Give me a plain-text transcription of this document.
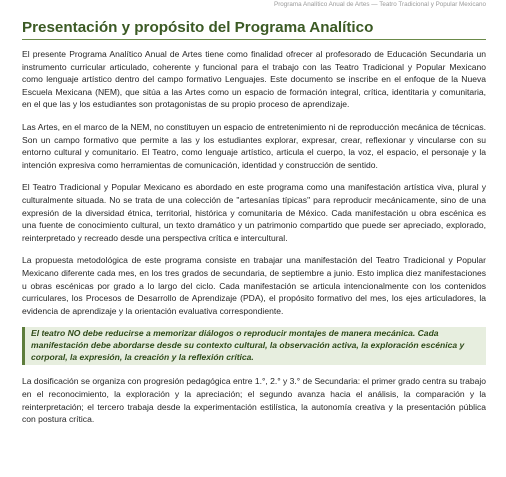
Programa Analítico Anual de Artes — Teatro Tradicional y Popular Mexicano
Presentación y propósito del Programa Analítico

El presente Programa Analítico Anual de Artes tiene como finalidad ofrecer al profesorado de Educación Secundaria un instrumento curricular articulado, coherente y funcional para el trabajo con las Teatro Tradicional y Popular Mexicano como lenguaje artístico dentro del campo formativo Lenguajes. Este documento se inscribe en el enfoque de la Nueva Escuela Mexicana (NEM), que sitúa a las Artes como un espacio de formación integral, crítica, identitaria y comunitaria, en el que las y los estudiantes son protagonistas de su propio proceso de aprendizaje.

Las Artes, en el marco de la NEM, no constituyen un espacio de entretenimiento ni de reproducción mecánica de técnicas. Son un campo formativo que permite a las y los estudiantes explorar, expresar, crear, reflexionar y vincularse con su entorno cultural y comunitario. El Teatro, como lenguaje artístico, articula el cuerpo, la voz, el espacio, el personaje y la intención expresiva como herramientas de comunicación, identidad y construcción de sentido.

El Teatro Tradicional y Popular Mexicano es abordado en este programa como una manifestación artística viva, plural y culturalmente situada. No se trata de una colección de "artesanías típicas" para reproducir mecánicamente, sino de una expresión de la diversidad étnica, territorial, histórica y comunitaria de México. Cada manifestación u obra escénica es una fuente de conocimiento cultural, un texto dramático y un patrimonio compartido que puede ser apreciado, explorado, reinterpretado y recreado desde una perspectiva crítica e intercultural.

La propuesta metodológica de este programa consiste en trabajar una manifestación del Teatro Tradicional y Popular Mexicano diferente cada mes, en los tres grados de secundaria, de septiembre a junio. Esto implica diez manifestaciones u obras escénicas por grado a lo largo del ciclo. Cada manifestación se articula intencionalmente con los contenidos curriculares, los Procesos de Desarrollo de Aprendizaje (PDA), el propósito formativo del mes, los ejes articuladores, la evidencia de aprendizaje y la orientación evaluativa correspondiente.

El teatro NO debe reducirse a memorizar diálogos o reproducir montajes de manera mecánica. Cada manifestación debe abordarse desde su contexto cultural, la observación activa, la exploración escénica y corporal, la expresión, la creación y la reflexión crítica.

La dosificación se organiza con progresión pedagógica entre 1.°, 2.° y 3.° de Secundaria: el primer grado centra su trabajo en el reconocimiento, la exploración y la apreciación; el segundo avanza hacia el análisis, la comparación y la reinterpretación; el tercero trabaja desde la experimentación estilística, la autonomía creativa y la presentación pública con postura crítica.
